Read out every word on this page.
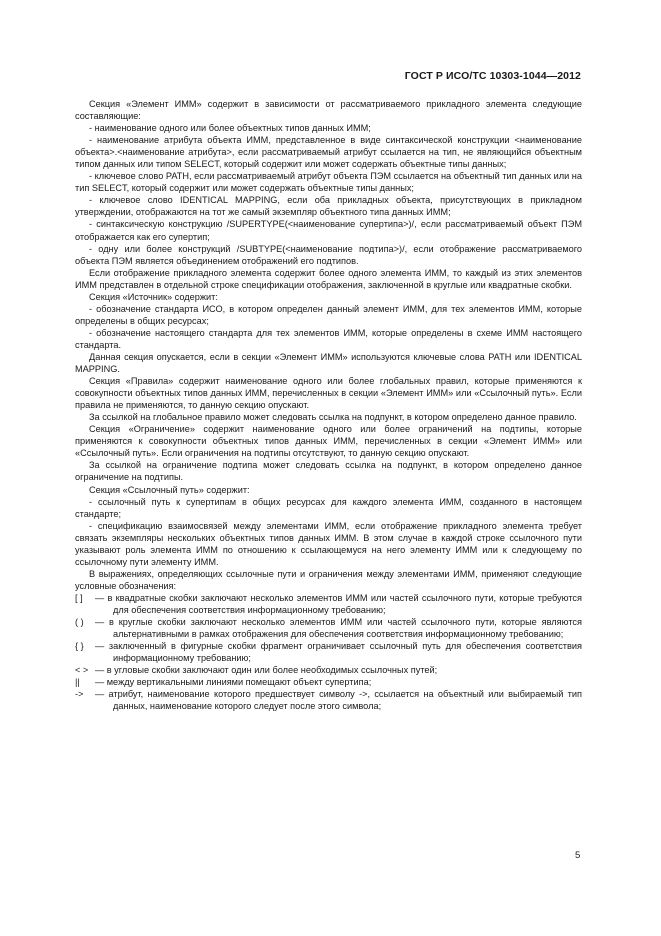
ГОСТ Р ИСО/ТС 10303-1044—2012

Секция «Элемент ИММ» содержит в зависимости от рассматриваемого прикладного элемента следующие составляющие:

- наименование одного или более объектных типов данных ИММ;

- наименование атрибута объекта ИММ, представленное в виде синтаксической конструкции <наименование объекта>.<наименование атрибута>, если рассматриваемый атрибут ссылается на тип, не являющийся объектным типом данных или типом SELECT, который содержит или может содержать объектные типы данных;

- ключевое слово PATH, если рассматриваемый атрибут объекта ПЭМ ссылается на объектный тип данных или на тип SELECT, который содержит или может содержать объектные типы данных;

- ключевое слово IDENTICAL MAPPING, если оба прикладных объекта, присутствующих в прикладном утверждении, отображаются на тот же самый экземпляр объектного типа данных ИММ;

- синтаксическую конструкцию /SUPERTYPE(<наименование супертипа>)/, если рассматриваемый объект ПЭМ отображается как его супертип;

- одну или более конструкций /SUBTYPE(<наименование подтипа>)/, если отображение рассматриваемого объекта ПЭМ является объединением отображений его подтипов.

Если отображение прикладного элемента содержит более одного элемента ИММ, то каждый из этих элементов ИММ представлен в отдельной строке спецификации отображения, заключенной в круглые или квадратные скобки.

Секция «Источник» содержит:

- обозначение стандарта ИСО, в котором определен данный элемент ИММ, для тех элементов ИММ, которые определены в общих ресурсах;

- обозначение настоящего стандарта для тех элементов ИММ, которые определены в схеме ИММ настоящего стандарта.

Данная секция опускается, если в секции «Элемент ИММ» используются ключевые слова PATH или IDENTICAL MAPPING.

Секция «Правила» содержит наименование одного или более глобальных правил, которые применяются к совокупности объектных типов данных ИММ, перечисленных в секции «Элемент ИММ» или «Ссылочный путь». Если правила не применяются, то данную секцию опускают.

За ссылкой на глобальное правило может следовать ссылка на подпункт, в котором определено данное правило.

Секция «Ограничение» содержит наименование одного или более ограничений на подтипы, которые применяются к совокупности объектных типов данных ИММ, перечисленных в секции «Элемент ИММ» или «Ссылочный путь». Если ограничения на подтипы отсутствуют, то данную секцию опускают.

За ссылкой на ограничение подтипа может следовать ссылка на подпункт, в котором определено данное ограничение на подтипы.

Секция «Ссылочный путь» содержит:

- ссылочный путь к супертипам в общих ресурсах для каждого элемента ИММ, созданного в настоящем стандарте;

- спецификацию взаимосвязей между элементами ИММ, если отображение прикладного элемента требует связать экземпляры нескольких объектных типов данных ИММ. В этом случае в каждой строке ссылочного пути указывают роль элемента ИММ по отношению к ссылающемуся на него элементу ИММ или к следующему по ссылочному пути элементу ИММ.

В выражениях, определяющих ссылочные пути и ограничения между элементами ИММ, применяют следующие условные обозначения:

[ ]	— в квадратные скобки заключают несколько элементов ИММ или частей ссылочного пути, которые требуются для обеспечения соответствия информационному требованию;
( )	— в круглые скобки заключают несколько элементов ИММ или частей ссылочного пути, которые являются альтернативными в рамках отображения для обеспечения соответствия информационному требованию;
{ }	— заключенный в фигурные скобки фрагмент ограничивает ссылочный путь для обеспечения соответствия информационному требованию;
< > — в угловые скобки заключают один или более необходимых ссылочных путей;
||	— между вертикальными линиями помещают объект супертипа;
->	— атрибут, наименование которого предшествует символу ->, ссылается на объектный или выбираемый тип данных, наименование которого следует после этого символа;
5
